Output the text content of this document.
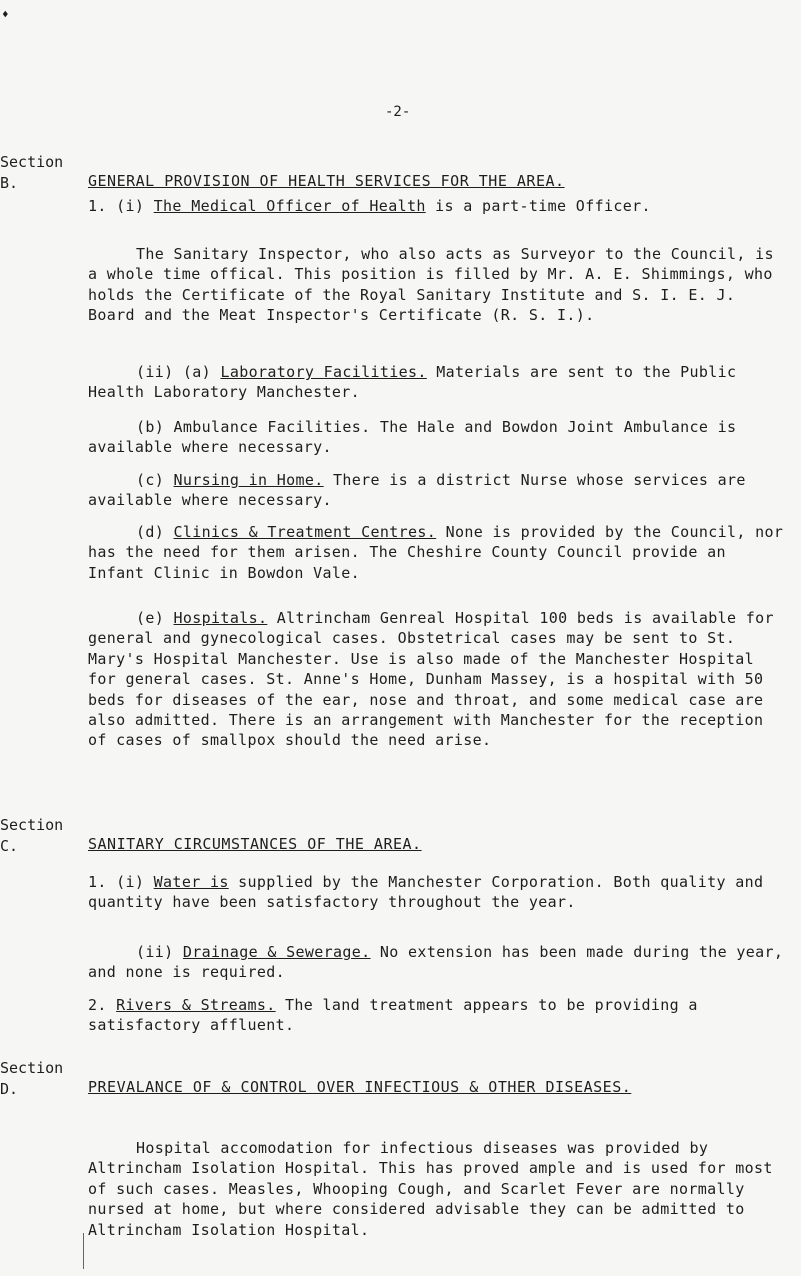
♦
-2-
Section
B.	GENERAL PROVISION OF HEALTH SERVICES FOR THE AREA.

1. (i) The Medical Officer of Health is a part-time Officer.

The Sanitary Inspector, who also acts as Surveyor to the Council, is a whole time offical. This position is filled by Mr. A. E. Shimmings, who holds the Certificate of the Royal Sanitary Institute and S. I. E. J. Board and the Meat Inspector's Certificate (R. S. I.).

(ii) (a) Laboratory Facilities. Materials are sent to the Public Health Laboratory Manchester.

(b) Ambulance Facilities. The Hale and Bowdon Joint Ambulance is available where necessary.

(c) Nursing in Home. There is a district Nurse whose services are available where necessary.

(d) Clinics & Treatment Centres. None is provided by the Council, nor has the need for them arisen. The Cheshire County Council provide an Infant Clinic in Bowdon Vale.

(e) Hospitals. Altrincham Genreal Hospital 100 beds is available for general and gynecological cases. Obstetrical cases may be sent to St. Mary's Hospital Manchester. Use is also made of the Manchester Hospital for general cases. St. Anne's Home, Dunham Massey, is a hospital with 50 beds for diseases of the ear, nose and throat, and some medical case are also admitted. There is an arrangement with Manchester for the reception of cases of smallpox should the need arise.

Section
C.	SANITARY CIRCUMSTANCES OF THE AREA.

1. (i) Water is supplied by the Manchester Corporation. Both quality and quantity have been satisfactory throughout the year.

(ii) Drainage & Sewerage. No extension has been made during the year, and none is required.

2. Rivers & Streams. The land treatment appears to be providing a satisfactory affluent.

Section
D.	PREVALANCE OF & CONTROL OVER INFECTIOUS & OTHER DISEASES.

Hospital accomodation for infectious diseases was provided by Altrincham Isolation Hospital. This has proved ample and is used for most of such cases. Measles, Whooping Cough, and Scarlet Fever are normally nursed at home, but where considered advisable they can be admitted to Altrincham Isolation Hospital.
